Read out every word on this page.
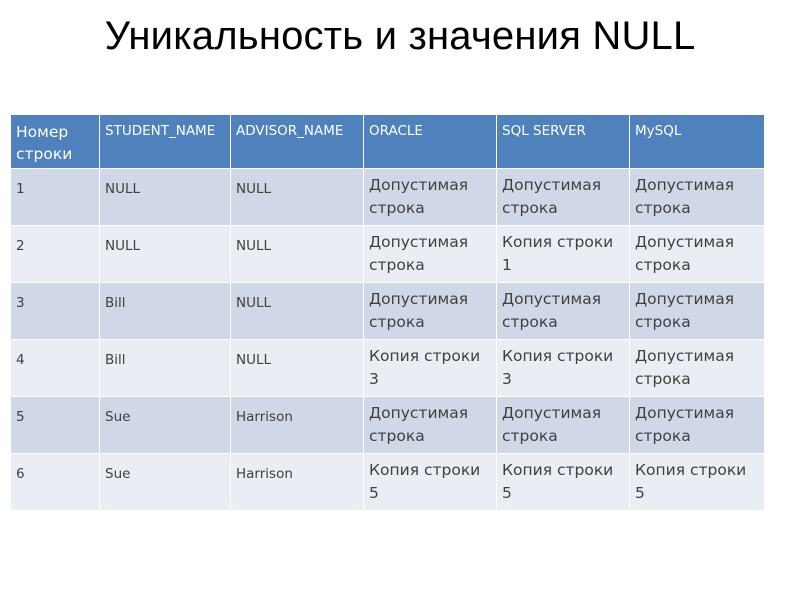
Уникальность и значения NULL
Номер строки	STUDENT_NAME	ADVISOR_NAME	ORACLE	SQL SERVER	MySQL
1	NULL	NULL	Допустимая строка	Допустимая строка	Допустимая строка
2	NULL	NULL	Допустимая строка	Копия строки 1	Допустимая строка
3	Bill	NULL	Допустимая строка	Допустимая строка	Допустимая строка
4	Bill	NULL	Копия строки 3	Копия строки 3	Допустимая строка
5	Sue	Harrison	Допустимая строка	Допустимая строка	Допустимая строка
6	Sue	Harrison	Копия строки 5	Копия строки 5	Копия строки 5
